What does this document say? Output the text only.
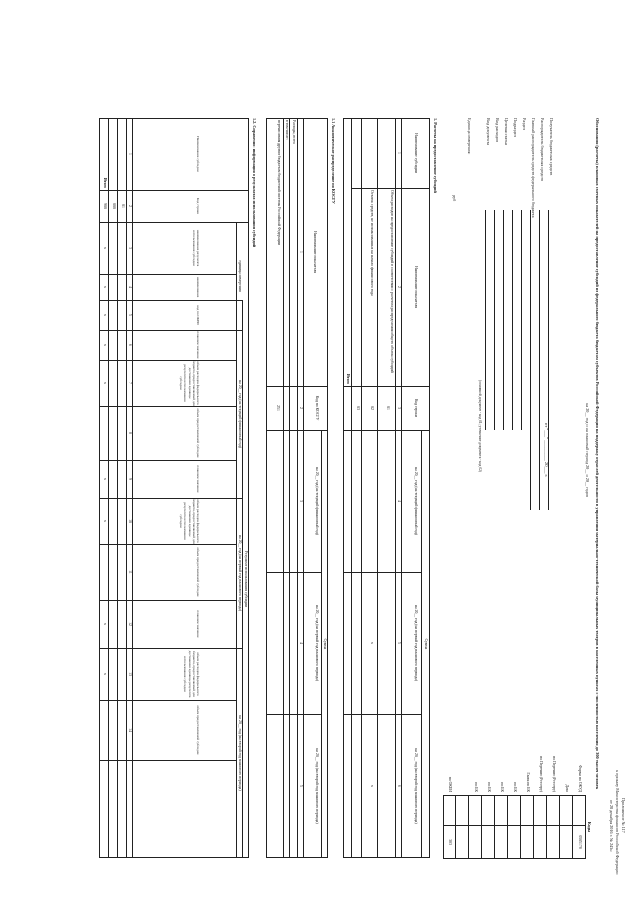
Приложение № 117
к приказу Министерства финансов Российской Федерации
от 28 декабря 2016 г. № 243н
Обоснования (расчеты) плановых сметных показателей на предоставление субсидий из федерального бюджета бюджетам субъектов Российской Федерации на поддержку отраслей деятельности в управлении материально-технической базы муниципальных театров в населенных пунктах с численностью населения до 300 тысяч человек
на 20__ год и на плановый период 20__ и 20__ годов
от "___" _________ 20___ г.
Коды
(основной документ - код 01; уточнение документа - код 02)
руб
1. Расчеты на предоставление субсидий
Сумма
Наименование субсидии
Наименование показателя
Код строки
на 20__ год (на текущий финансовый год)
на 20__ год (на первый год планового периода)
на 20__ год (на второй год планового периода)
1
2
3
4
5
6
Объем расходов на предоставление субсидий в соответствии с расчетом распределения общего объема субсидий
01
Остаток средств, не использованных на начало финансового года
02
х
х
03
Итого
1.1 Аналитическое распределение по КОСГУ
Сумма
Наименование показателя
Код по КОСГУ
на 20__ год (на текущий финансовый год)
на 20__ год (на первый год планового периода)
на 20__ год (на второй год планового периода)
1
2
3
4
5
Расходы, всего
в том числе:
перечисления другим бюджетам бюджетной системы Российской Федерации
251
1.2. Справочно: информация о результатах использования субсидий
Результат использования субсидии
единица измерения
на 20__ год (на текущий финансовый год)
на 20__ год (на первый год планового периода)
на 20__ год (на второй год планового периода)
Наименование субсидии
1
Код строки
2
наименование результата использования субсидии
3
наименование
4
код по ОКЕИ
5
плановое значение
6
объем расходов федерального бюджета, предоставляемый для достижения единицы результата использования субсидии
7
объем предоставляемой субсидии
8
плановое значение
9
объем расходов федерального бюджета, предоставляемый для достижения единицы результата использования субсидии
10
объем предоставляемой субсидии
11
плановое значение
12
объем расходов федерального бюджета, предоставляемый для достижения единицы результата использования субсидии
13
объем предоставляемой субсидии
14
01
000
Итого
900
х
х
х
х
х
х
х
х
х
Форма по ОКУД
0505178
Дата
по Перечню (Реестру)
по Перечню (Реестру)
Глава по БК
по БК
по БК
по БК
по БК
по ОКЕИ
383
Получатель бюджетных средств
Распорядитель бюджетных средств
Главный распорядитель средств федерального бюджета
Раздел
Подраздел
Целевая статья
Вид расходов
Вид документа
Единица измерения:
